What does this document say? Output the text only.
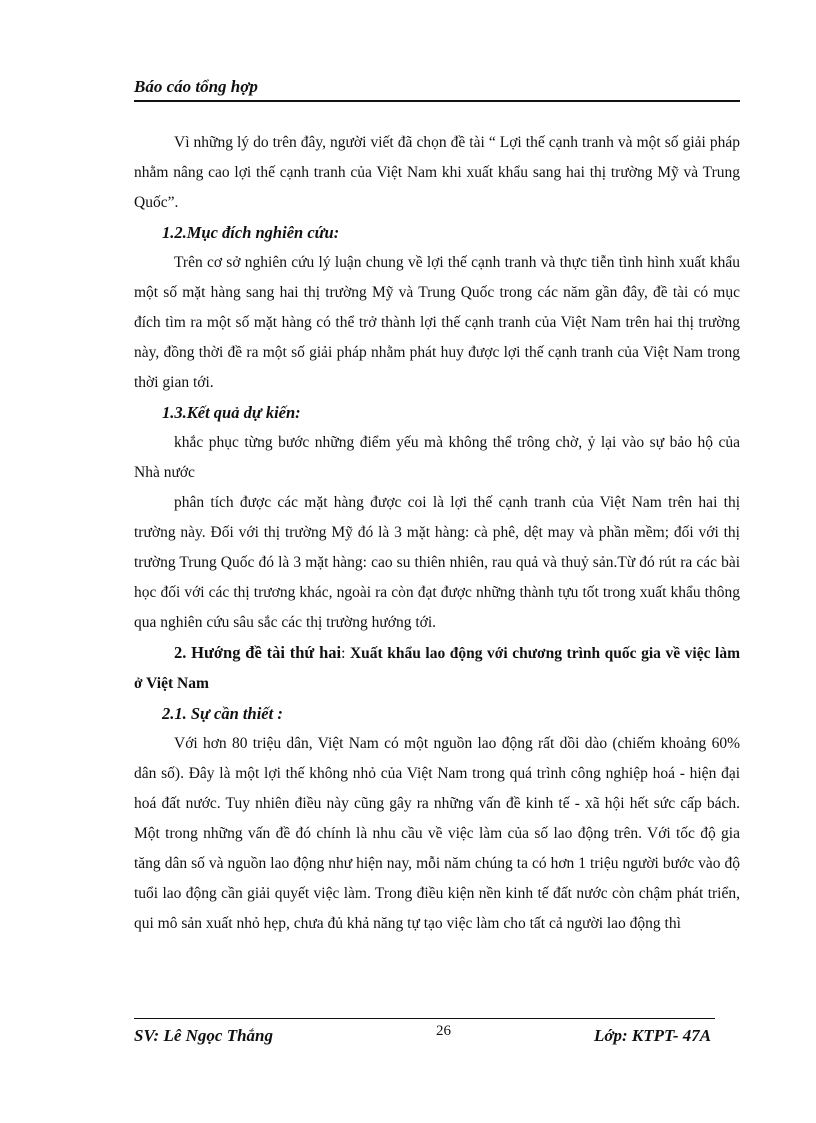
Báo cáo tổng hợp

Vì những lý do trên đây, người viết đã chọn đề tài “ Lợi thế cạnh tranh và một số giải pháp nhằm nâng cao lợi thế cạnh tranh của Việt Nam khi xuất khẩu sang hai thị trường Mỹ và Trung Quốc”.

1.2.Mục đích nghiên cứu:

Trên cơ sở nghiên cứu lý luận chung về lợi thế cạnh tranh và thực tiễn tình hình xuất khẩu một số mặt hàng sang hai thị trường Mỹ và Trung Quốc trong các năm gần đây, đề tài có mục đích tìm ra một số mặt hàng có thể trở thành lợi thế cạnh tranh của Việt Nam trên hai thị trường này, đồng thời đề ra một số giải pháp nhằm phát huy được lợi thế cạnh tranh của Việt Nam trong thời gian tới.

1.3.Kết quả dự kiến:

khắc phục từng bước những điểm yếu mà không thể trông chờ, ỷ lại vào sự bảo hộ của Nhà nước

phân tích được các mặt hàng được coi là lợi thế cạnh tranh của Việt Nam trên hai thị trường này. Đối với thị trường Mỹ đó là 3 mặt hàng: cà phê, dệt may và phần mềm; đối với thị trường Trung Quốc đó là 3 mặt hàng: cao su thiên nhiên, rau quả và thuỷ sản.Từ đó rút ra các bài học đối với các thị trương khác, ngoài ra còn đạt được những thành tựu tốt trong xuất khẩu thông qua nghiên cứu sâu sắc các thị trường hướng tới.

2. Hướng đề tài thứ hai: Xuất khẩu lao động với chương trình quốc gia về việc làm ở Việt Nam

2.1. Sự cần thiết :

Với hơn 80 triệu dân, Việt Nam có một nguồn lao động rất dồi dào (chiếm khoảng 60% dân số). Đây là một lợi thế không nhỏ của Việt Nam trong quá trình công nghiệp hoá - hiện đại hoá đất nước. Tuy nhiên điều này cũng gây ra những vấn đề kinh tế - xã hội hết sức cấp bách. Một trong những vấn đề đó chính là nhu cầu về việc làm của số lao động trên. Với tốc độ gia tăng dân số và nguồn lao động như hiện nay, mỗi năm chúng ta có hơn 1 triệu người bước vào độ tuổi lao động cần giải quyết việc làm. Trong điều kiện nền kinh tế đất nước còn chậm phát triển, qui mô sản xuất nhỏ hẹp, chưa đủ khả năng tự tạo việc làm cho tất cả người lao động thì

SV: Lê Ngọc Thắng	26	Lớp: KTPT- 47A
